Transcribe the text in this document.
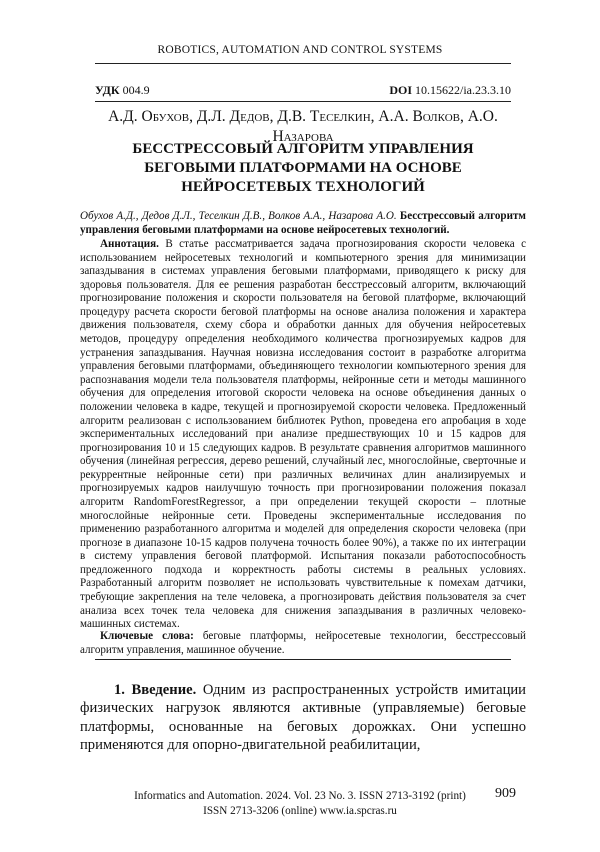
ROBOTICS, AUTOMATION AND CONTROL SYSTEMS
УДК 004.9	DOI 10.15622/ia.23.3.10
А.Д. Обухов, Д.Л. Дедов, Д.В. Теселкин, А.А. Волков, А.О. Назарова
БЕССТРЕССОВЫЙ АЛГОРИТМ УПРАВЛЕНИЯ БЕГОВЫМИ ПЛАТФОРМАМИ НА ОСНОВЕ НЕЙРОСЕТЕВЫХ ТЕХНОЛОГИЙ
Обухов А.Д., Дедов Д.Л., Теселкин Д.В., Волков А.А., Назарова А.О. Бесстрессовый алгоритм управления беговыми платформами на основе нейросетевых технологий.

Аннотация. В статье рассматривается задача прогнозирования скорости человека с использованием нейросетевых технологий и компьютерного зрения для минимизации запаздывания в системах управления беговыми платформами, приводящего к риску для здоровья пользователя. Для ее решения разработан бесстрессовый алгоритм, включающий прогнозирование положения и скорости пользователя на беговой платформе, включающий процедуру расчета скорости беговой платформы на основе анализа положения и характера движения пользователя, схему сбора и обработки данных для обучения нейросетевых методов, процедуру определения необходимого количества прогнозируемых кадров для устранения запаздывания. Научная новизна исследования состоит в разработке алгоритма управления беговыми платформами, объединяющего технологии компьютерного зрения для распознавания модели тела пользователя платформы, нейронные сети и методы машинного обучения для определения итоговой скорости человека на основе объединения данных о положении человека в кадре, текущей и прогнозируемой скорости человека. Предложенный алгоритм реализован с использованием библиотек Python, проведена его апробация в ходе экспериментальных исследований при анализе предшествующих 10 и 15 кадров для прогнозирования 10 и 15 следующих кадров. В результате сравнения алгоритмов машинного обучения (линейная регрессия, дерево решений, случайный лес, многослойные, сверточные и рекуррентные нейронные сети) при различных величинах длин анализируемых и прогнозируемых кадров наилучшую точность при прогнозировании положения показал алгоритм RandomForestRegressor, а при определении текущей скорости – плотные многослойные нейронные сети. Проведены экспериментальные исследования по применению разработанного алгоритма и моделей для определения скорости человека (при прогнозе в диапазоне 10-15 кадров получена точность более 90%), а также по их интеграции в систему управления беговой платформой. Испытания показали работоспособность предложенного подхода и корректность работы системы в реальных условиях. Разработанный алгоритм позволяет не использовать чувствительные к помехам датчики, требующие закрепления на теле человека, а прогнозировать действия пользователя за счет анализа всех точек тела человека для снижения запаздывания в различных человеко-машинных системах.

Ключевые слова: беговые платформы, нейросетевые технологии, бесстрессовый алгоритм управления, машинное обучение.

1. Введение. Одним из распространенных устройств имитации физических нагрузок являются активные (управляемые) беговые платформы, основанные на беговых дорожках. Они успешно применяются для опорно-двигательной реабилитации,

Informatics and Automation. 2024. Vol. 23 No. 3. ISSN 2713-3192 (print)
ISSN 2713-3206 (online) www.ia.spcras.ru
909
